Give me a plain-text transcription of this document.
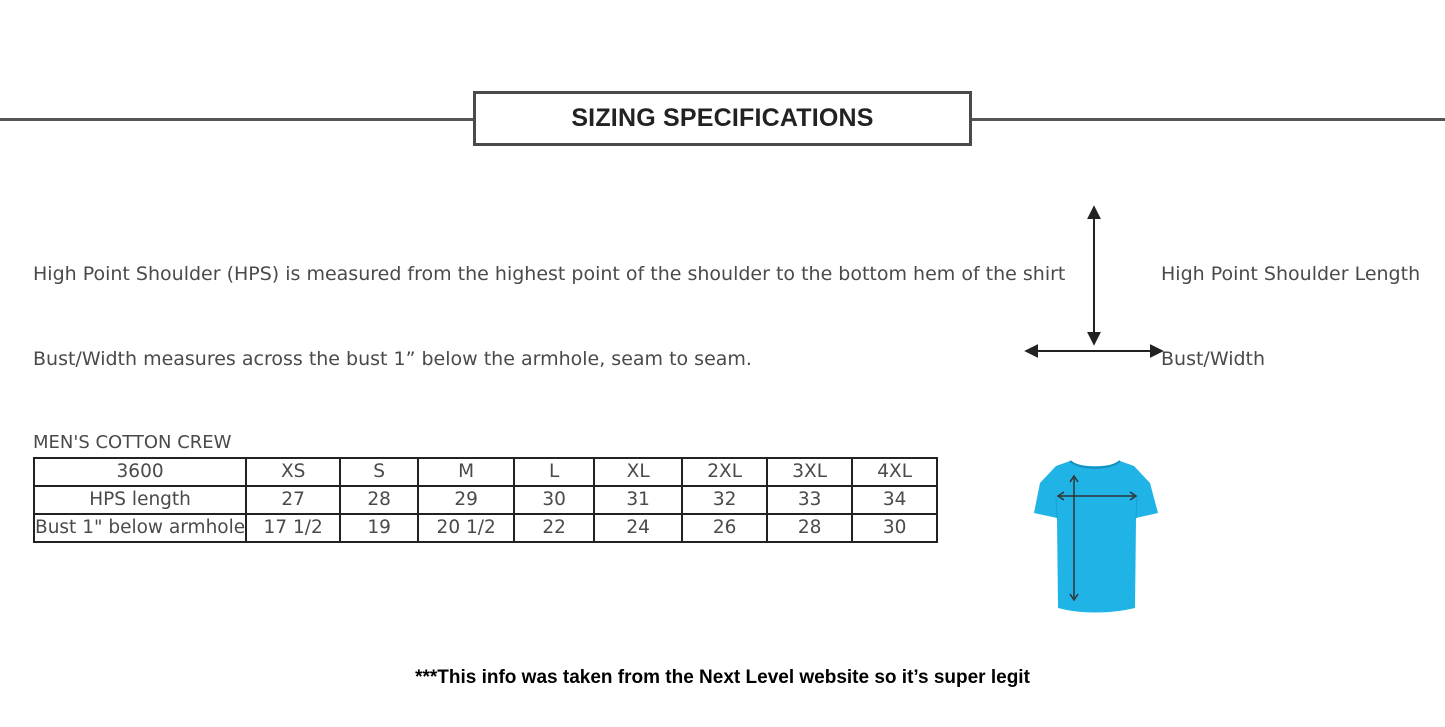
SIZING SPECIFICATIONS
High Point Shoulder (HPS) is measured from the highest point of the shoulder to the bottom hem of the shirt
Bust/Width measures across the bust 1” below the armhole, seam to seam.
High Point Shoulder Length
Bust/Width
MEN'S COTTON CREW
3600	XS	S	M	L	XL	2XL	3XL	4XL
HPS length	27	28	29	30	31	32	33	34
Bust 1" below armhole	17 1/2	19	20 1/2	22	24	26	28	30
***This info was taken from the Next Level website so it’s super legit
